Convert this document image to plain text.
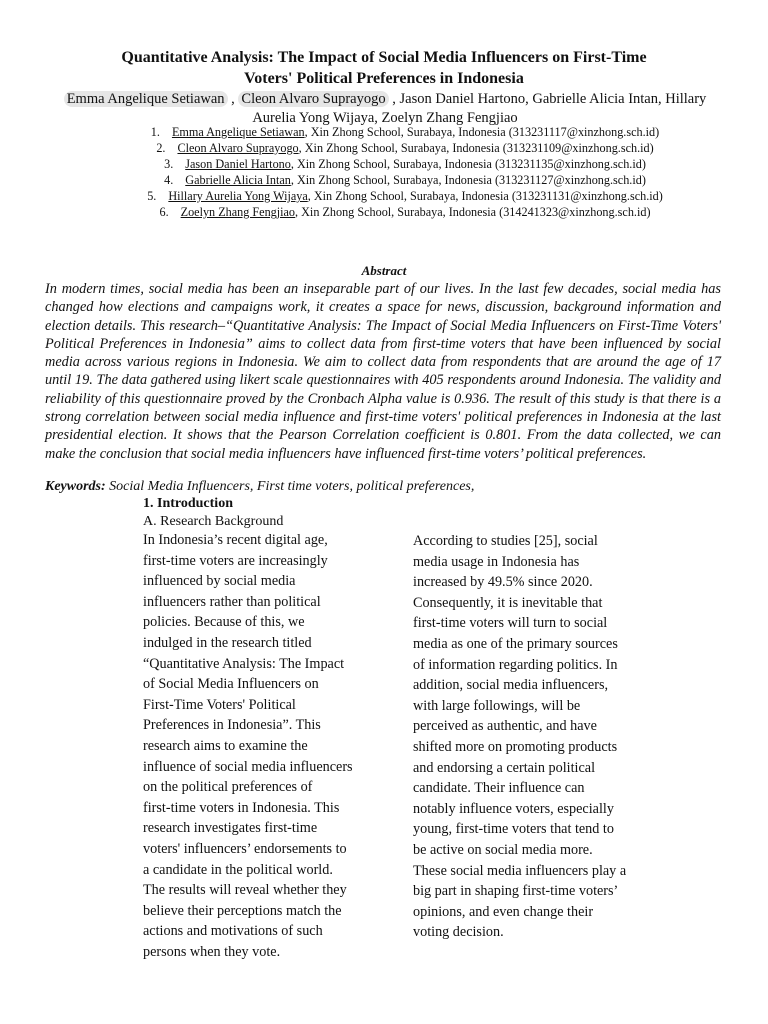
Quantitative Analysis: The Impact of Social Media Influencers on First-Time
Voters' Political Preferences in Indonesia
Emma Angelique Setiawan , Cleon Alvaro Suprayogo , Jason Daniel Hartono, Gabrielle Alicia Intan, Hillary
Aurelia Yong Wijaya, Zoelyn Zhang Fengjiao
1. Emma Angelique Setiawan, Xin Zhong School, Surabaya, Indonesia (313231117@xinzhong.sch.id)
2. Cleon Alvaro Suprayogo, Xin Zhong School, Surabaya, Indonesia (313231109@xinzhong.sch.id)
3. Jason Daniel Hartono, Xin Zhong School, Surabaya, Indonesia (313231135@xinzhong.sch.id)
4. Gabrielle Alicia Intan, Xin Zhong School, Surabaya, Indonesia (313231127@xinzhong.sch.id)
5. Hillary Aurelia Yong Wijaya, Xin Zhong School, Surabaya, Indonesia (313231131@xinzhong.sch.id)
6. Zoelyn Zhang Fengjiao, Xin Zhong School, Surabaya, Indonesia (314241323@xinzhong.sch.id)
Abstract
In modern times, social media has been an inseparable part of our lives. In the last few decades, social media has changed how elections and campaigns work, it creates a space for news, discussion, background information and election details. This research–“Quantitative Analysis: The Impact of Social Media Influencers on First-Time Voters' Political Preferences in Indonesia” aims to collect data from first-time voters that have been influenced by social media across various regions in Indonesia. We aim to collect data from respondents that are around the age of 17 until 19. The data gathered using likert scale questionnaires with 405 respondents around Indonesia. The validity and reliability of this questionnaire proved by the Cronbach Alpha value is 0.936. The result of this study is that there is a strong correlation between social media influence and first-time voters' political preferences in Indonesia at the last presidential election. It shows that the Pearson Correlation coefficient is 0.801. From the data collected, we can make the conclusion that social media influencers have influenced first-time voters’ political preferences.
Keywords: Social Media Influencers, First time voters, political preferences,
1. Introduction
A. Research Background
In Indonesia’s recent digital age,
first-time voters are increasingly
influenced by social media
influencers rather than political
policies. Because of this, we
indulged in the research titled
“Quantitative Analysis: The Impact
of Social Media Influencers on
First-Time Voters' Political
Preferences in Indonesia”. This
research aims to examine the
influence of social media influencers
on the political preferences of
first-time voters in Indonesia. This
research investigates first-time
voters' influencers’ endorsements to
a candidate in the political world.
The results will reveal whether they
believe their perceptions match the
actions and motivations of such
persons when they vote.
According to studies [25], social
media usage in Indonesia has
increased by 49.5% since 2020.
Consequently, it is inevitable that
first-time voters will turn to social
media as one of the primary sources
of information regarding politics. In
addition, social media influencers,
with large followings, will be
perceived as authentic, and have
shifted more on promoting products
and endorsing a certain political
candidate. Their influence can
notably influence voters, especially
young, first-time voters that tend to
be active on social media more.
These social media influencers play a
big part in shaping first-time voters’
opinions, and even change their
voting decision.
